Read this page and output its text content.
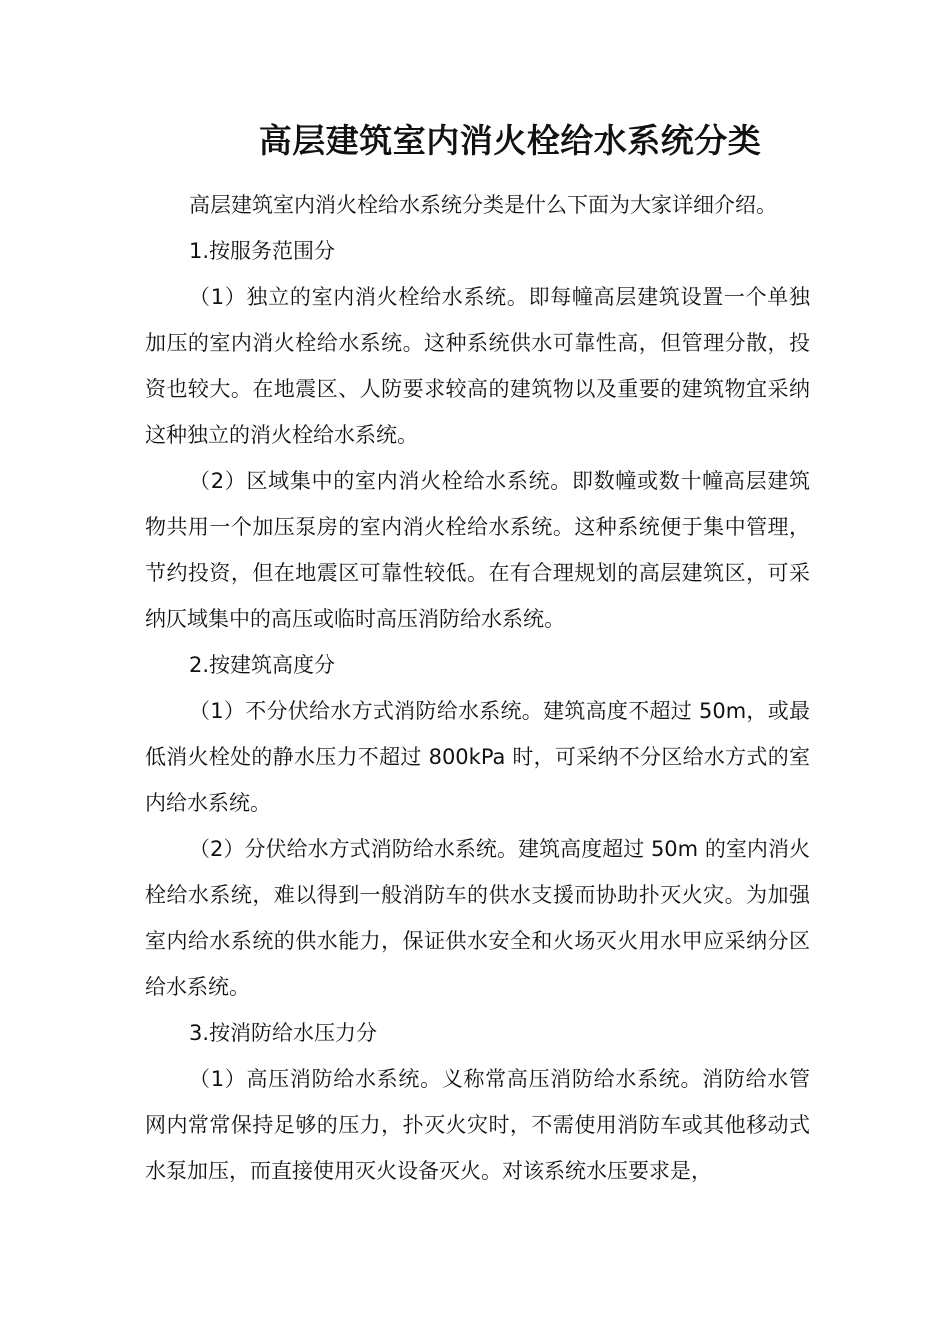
高层建筑室内消火栓给水系统分类

高层建筑室内消火栓给水系统分类是什么下面为大家详细介绍。

1.按服务范围分

（1）独立的室内消火栓给水系统。即每幢高层建筑设置一个单独加压的室内消火栓给水系统。这种系统供水可靠性高，但管理分散，投资也较大。在地震区、人防要求较高的建筑物以及重要的建筑物宜采纳这种独立的消火栓给水系统。

（2）区域集中的室内消火栓给水系统。即数幢或数十幢高层建筑物共用一个加压泵房的室内消火栓给水系统。这种系统便于集中管理，节约投资，但在地震区可靠性较低。在有合理规划的高层建筑区，可采纳仄域集中的高压或临时高压消防给水系统。

2.按建筑高度分

（1）不分伏给水方式消防给水系统。建筑高度不超过 50m，或最低消火栓处的静水压力不超过 800kPa 时，可采纳不分区给水方式的室内给水系统。

（2）分伏给水方式消防给水系统。建筑高度超过 50m 的室内消火栓给水系统，难以得到一般消防车的供水支援而协助扑灭火灾。为加强室内给水系统的供水能力，保证供水安全和火场灭火用水甲应采纳分区给水系统。

3.按消防给水压力分

（1）高压消防给水系统。义称常高压消防给水系统。消防给水管网内常常保持足够的压力，扑灭火灾时，不需使用消防车或其他移动式水泵加压，而直接使用灭火设备灭火。对该系统水压要求是，
